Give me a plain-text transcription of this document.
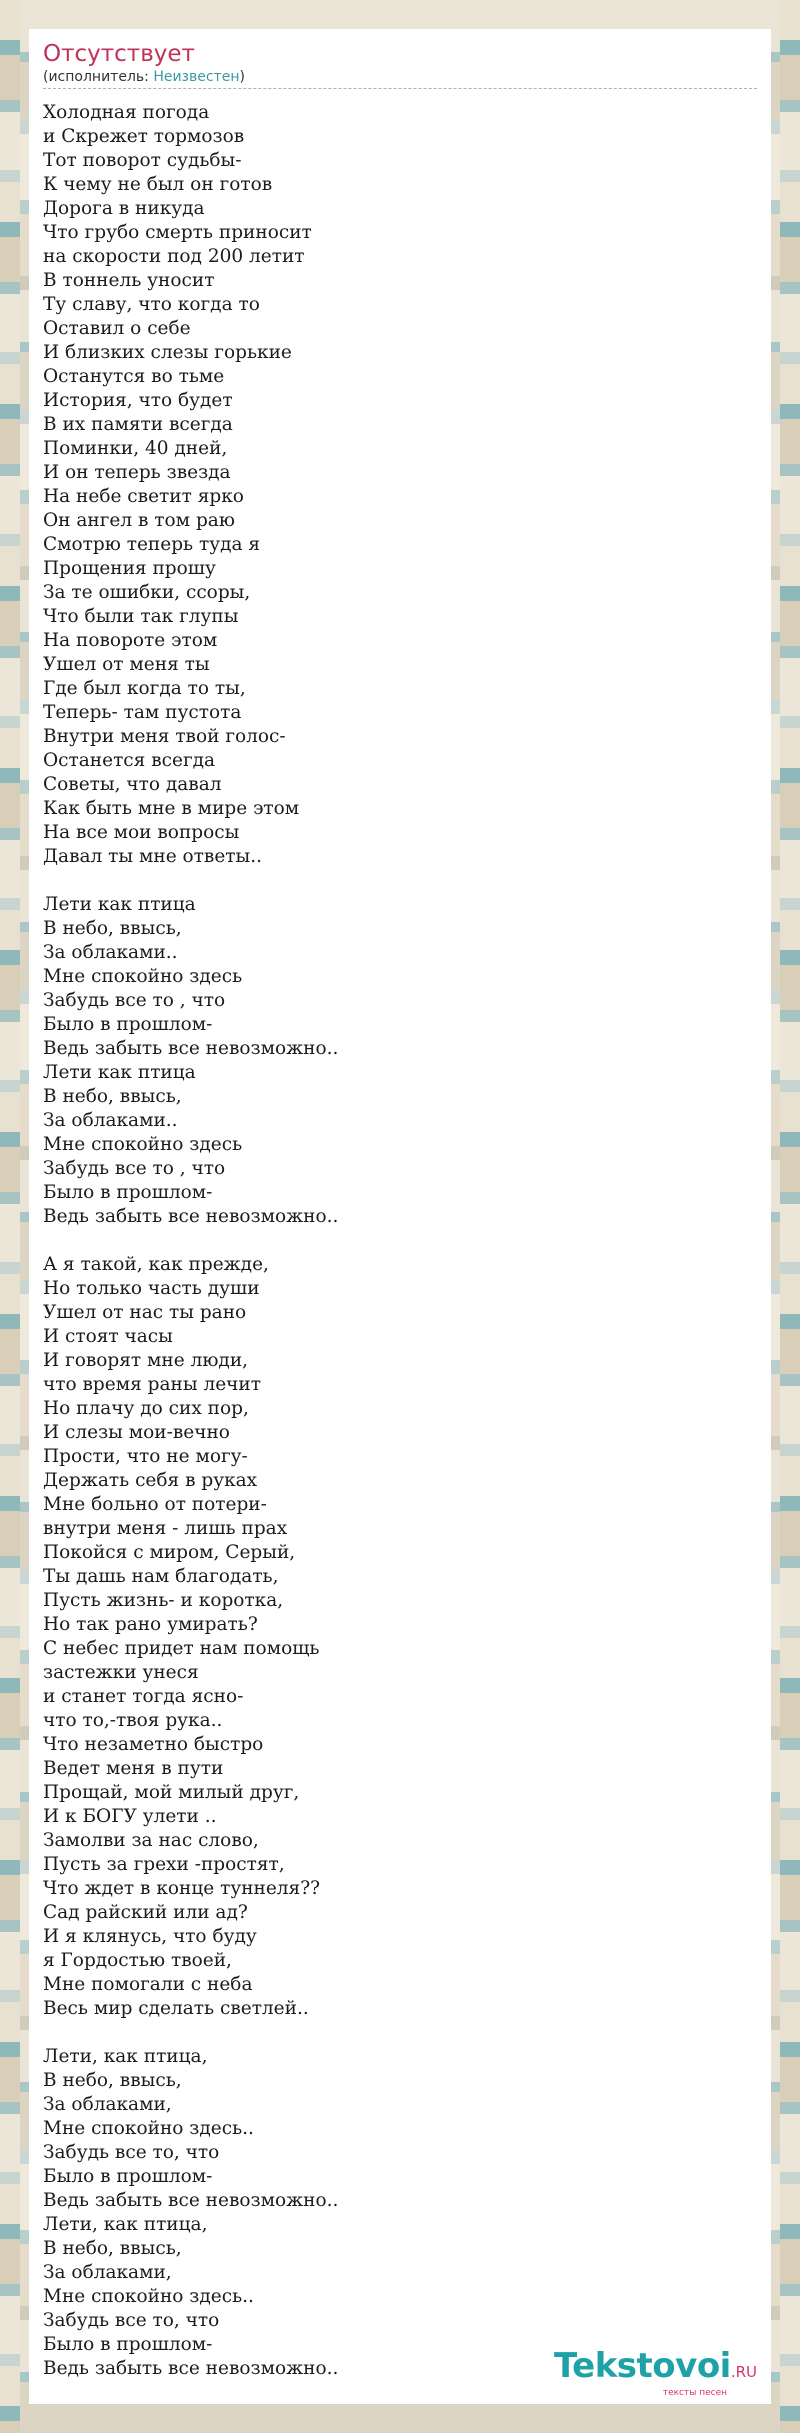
Отсутствует
(исполнитель: Неизвестен)
Холодная погода
и Скрежет тормозов
Тот поворот судьбы-
К чему не был он готов
Дорога в никуда
Что грубо смерть приносит
на скорости под 200 летит
В тоннель уносит
Ту славу, что когда то
Оставил о себе
И близких слезы горькие
Останутся во тьме
История, что будет
В их памяти всегда
Поминки, 40 дней,
И он теперь звезда
На небе светит ярко
Он ангел в том раю
Смотрю теперь туда я
Прощения прошу
За те ошибки, ссоры,
Что были так глупы
На повороте этом
Ушел от меня ты
Где был когда то ты,
Теперь- там пустота
Внутри меня твой голос-
Останется всегда
Советы, что давал
Как быть мне в мире этом
На все мои вопросы
Давал ты мне ответы..
Лети как птица
В небо, ввысь,
За облаками..
Мне спокойно здесь
Забудь все то , что
Было в прошлом-
Ведь забыть все невозможно..
Лети как птица
В небо, ввысь,
За облаками..
Мне спокойно здесь
Забудь все то , что
Было в прошлом-
Ведь забыть все невозможно..
А я такой, как прежде,
Но только часть души
Ушел от нас ты рано
И стоят часы
И говорят мне люди,
что время раны лечит
Но плачу до сих пор,
И слезы мои-вечно
Прости, что не могу-
Держать себя в руках
Мне больно от потери-
внутри меня - лишь прах
Покойся с миром, Серый,
Ты дашь нам благодать,
Пусть жизнь- и коротка,
Но так рано умирать?
С небес придет нам помощь
застежки унеся
и станет тогда ясно-
что то,-твоя рука..
Что незаметно быстро
Ведет меня в пути
Прощай, мой милый друг,
И к БОГУ улети ..
Замолви за нас слово,
Пусть за грехи -простят,
Что ждет в конце туннеля??
Сад райский или ад?
И я клянусь, что буду
я Гордостью твоей,
Мне помогали с неба
Весь мир сделать светлей..
Лети, как птица,
В небо, ввысь,
За облаками,
Мне спокойно здесь..
Забудь все то, что
Было в прошлом-
Ведь забыть все невозможно..
Лети, как птица,
В небо, ввысь,
За облаками,
Мне спокойно здесь..
Забудь все то, что
Было в прошлом-
Ведь забыть все невозможно..	Tekstovoi.RU
тексты песен
